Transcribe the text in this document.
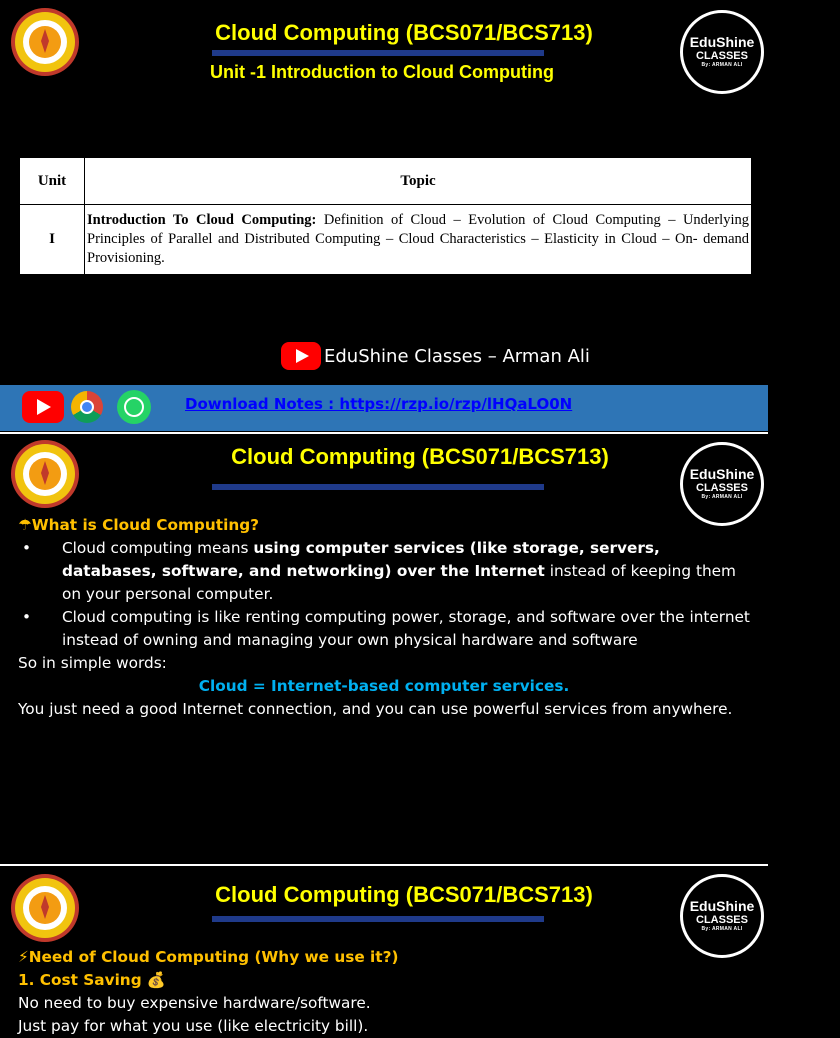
Cloud Computing (BCS071/BCS713)	EduShine
CLASSES
By: ARMAN ALI
Unit -1 Introduction to Cloud Computing
Unit	Topic
I	Introduction To Cloud Computing: Definition of Cloud – Evolution of Cloud Computing – Underlying Principles of Parallel and Distributed Computing – Cloud Characteristics – Elasticity in Cloud – On- demand Provisioning.
EduShine Classes – Arman Ali
Download Notes : https://rzp.io/rzp/lHQaLO0N
Cloud Computing (BCS071/BCS713)
EduShine
CLASSES
By: ARMAN ALI
☂What is Cloud Computing?
• Cloud computing means using computer services (like storage, servers, databases, software, and networking) over the Internet instead of keeping them on your personal computer.
• Cloud computing is like renting computing power, storage, and software over the internet instead of owning and managing your own physical hardware and software
So in simple words:
Cloud = Internet-based computer services.
You just need a good Internet connection, and you can use powerful services from anywhere.
Cloud Computing (BCS071/BCS713)	EduShine
CLASSES
By: ARMAN ALI
⚡Need of Cloud Computing (Why we use it?)
1. Cost Saving 💰
No need to buy expensive hardware/software.
Just pay for what you use (like electricity bill).
